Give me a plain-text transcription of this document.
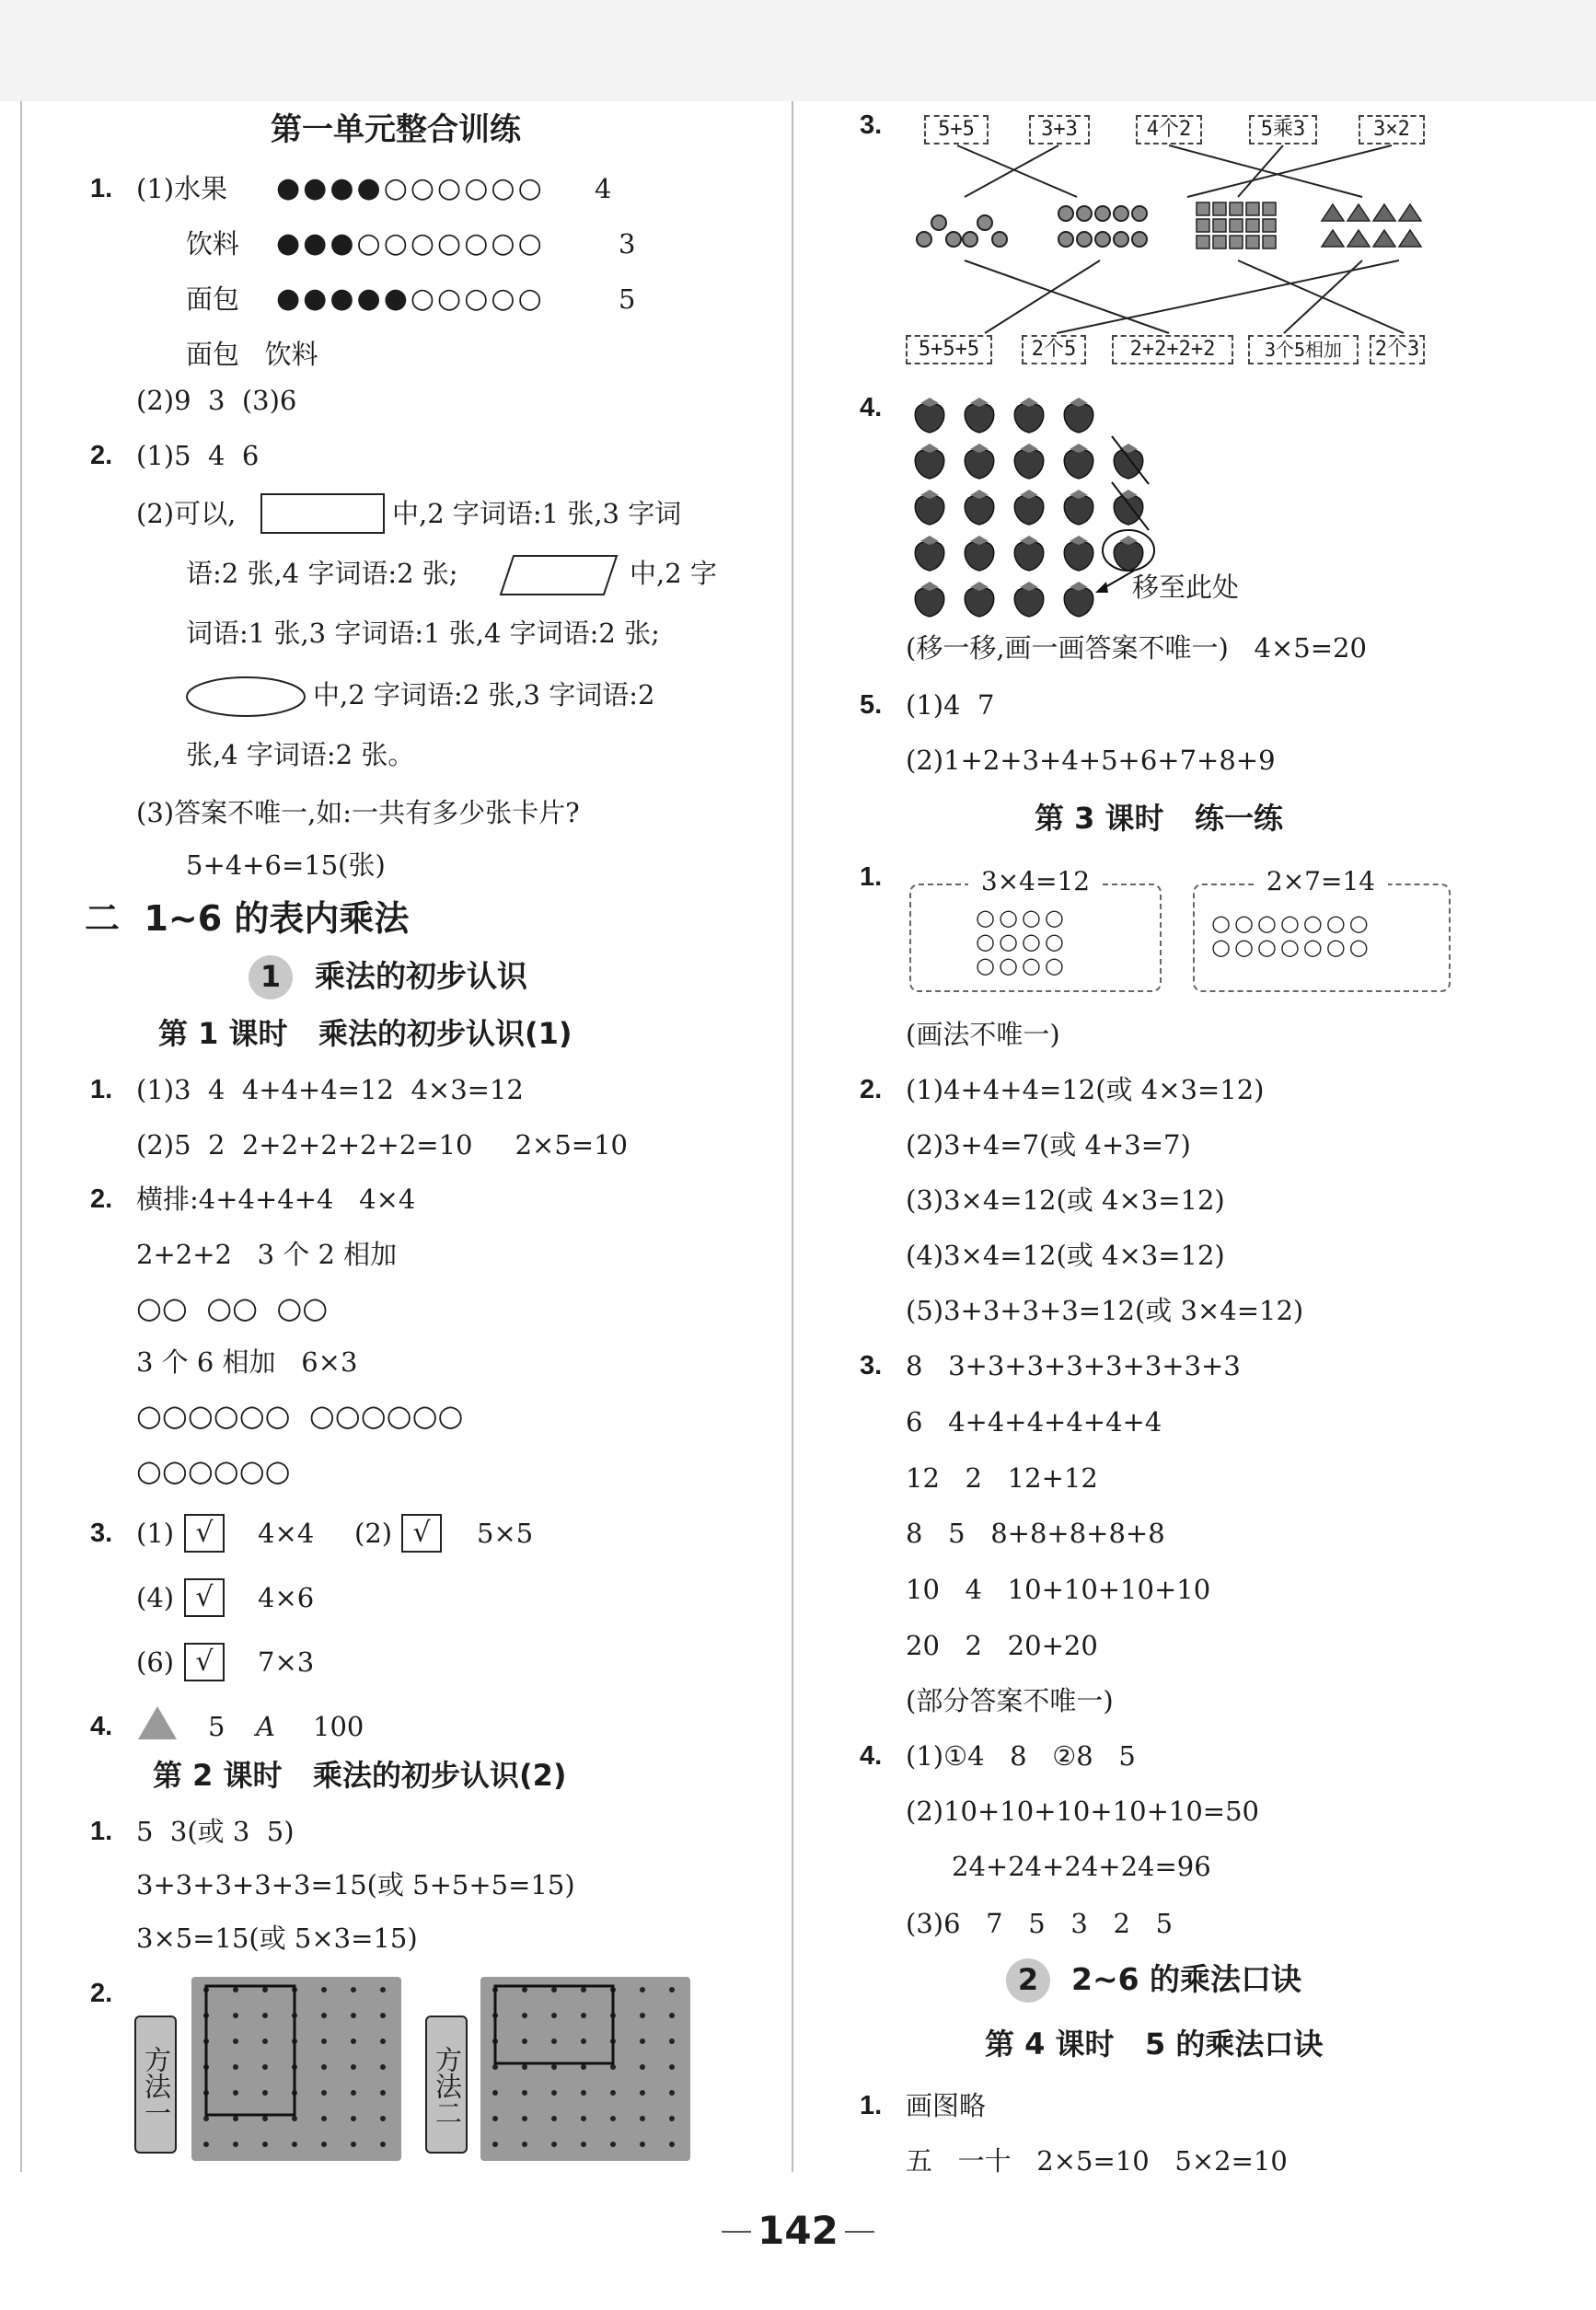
第一单元整合训练
1. (1)水果 ●●●●○○○○○○ 4
饮料 ●●●○○○○○○○	3
面包 ●●●●●○○○○○	5
面包   饮料
(2)9  3  (3)6
2. (1)5  4  6
(2)可以,	中,2 字词语:1 张,3 字词
语:2 张,4 字词语:2 张;	中,2 字
词语:1 张,3 字词语:1 张,4 字词语:2 张;
中,2 字词语:2 张,3 字词语:2
张,4 字词语:2 张。
(3)答案不唯一,如:一共有多少张卡片?
5+4+6=15(张)
二  1~6 的表内乘法
1	乘法的初步认识
第 1 课时   乘法的初步认识(1)
1. (1)3  4  4+4+4=12  4×3=12
(2)5  2  2+2+2+2+2=10     2×5=10
2. 横排:4+4+4+4   4×4
2+2+2   3 个 2 相加
○○  ○○  ○○
3 个 6 相加   6×3
○○○○○○  ○○○○○○
○○○○○○
3. (1) √	4×4 (2) √	5×5
(4) √	4×6
(6) √	7×3
4.	5 A 100
第 2 课时   乘法的初步认识(2)
1. 5  3(或 3  5)
3+3+3+3+3=15(或 5+5+5=15)
3×5=15(或 5×3=15)
2.
方法一	方法二
3.	5+5	3+3	4个2	5乘3	3×2
5+5+5	2个5	2+2+2+2	3个5相加	2个3
4.
移至此处
(移一移,画一画答案不唯一)   4×5=20
5. (1)4  7
(2)1+2+3+4+5+6+7+8+9
第 3 课时   练一练
1.	3×4=12
○○○○
○○○○
○○○○
2×7=14
○○○○○○○
○○○○○○○
(画法不唯一)
2. (1)4+4+4=12(或 4×3=12)
(2)3+4=7(或 4+3=7)
(3)3×4=12(或 4×3=12)
(4)3×4=12(或 4×3=12)
(5)3+3+3+3=12(或 3×4=12)
3. 8   3+3+3+3+3+3+3+3
6   4+4+4+4+4+4
12   2   12+12
8   5   8+8+8+8+8
10   4   10+10+10+10
20   2   20+20
(部分答案不唯一)
4. (1)①4   8   ②8   5
(2)10+10+10+10+10=50
24+24+24+24=96
(3)6   7   5   3   2   5
2	2~6 的乘法口诀
第 4 课时   5 的乘法口诀
1. 画图略
五   一十   2×5=10   5×2=10
142
